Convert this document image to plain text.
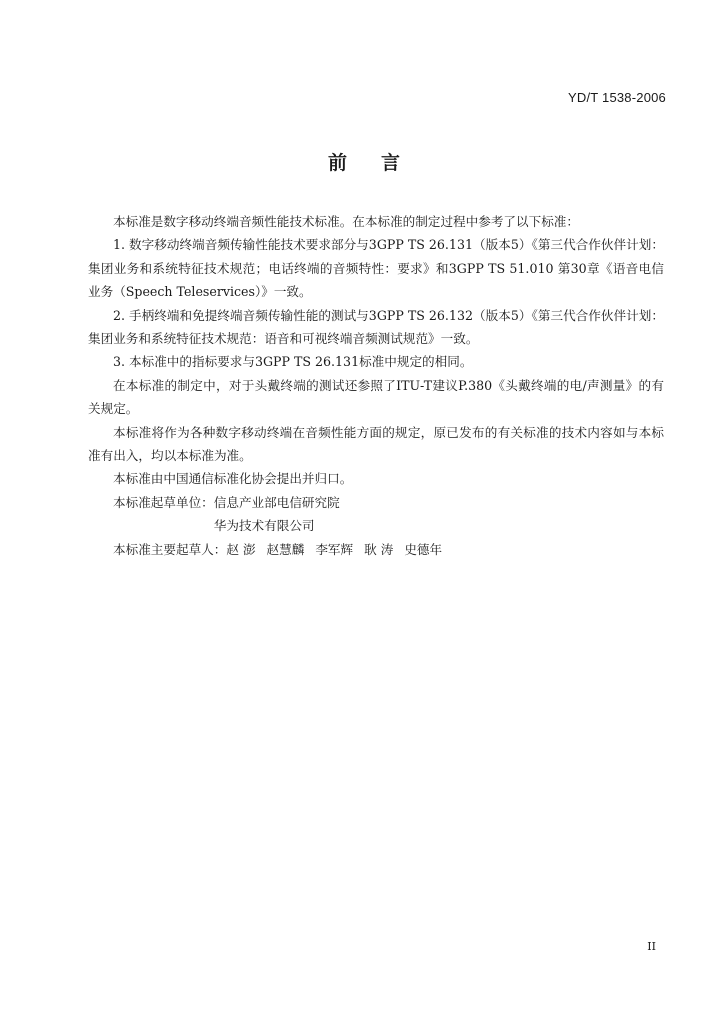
YD/T 1538-2006
前 言

本标准是数字移动终端音频性能技术标准。在本标准的制定过程中参考了以下标准：

1. 数字移动终端音频传输性能技术要求部分与3GPP TS 26.131（版本5）《第三代合作伙伴计划：集团业务和系统特征技术规范；电话终端的音频特性：要求》和3GPP TS 51.010 第30章《语音电信业务（Speech Teleservices）》一致。

2. 手柄终端和免提终端音频传输性能的测试与3GPP TS 26.132（版本5）《第三代合作伙伴计划：集团业务和系统特征技术规范：语音和可视终端音频测试规范》一致。

3. 本标准中的指标要求与3GPP TS 26.131标准中规定的相同。

在本标准的制定中，对于头戴终端的测试还参照了ITU-T建议P.380《头戴终端的电/声测量》的有关规定。

本标准将作为各种数字移动终端在音频性能方面的规定，原已发布的有关标准的技术内容如与本标准有出入，均以本标准为准。

本标准由中国通信标准化协会提出并归口。

本标准起草单位： 信息产业部电信研究院
华为技术有限公司
本标准主要起草人：赵 澎 赵慧麟 李军辉 耿 涛 史德年
II
